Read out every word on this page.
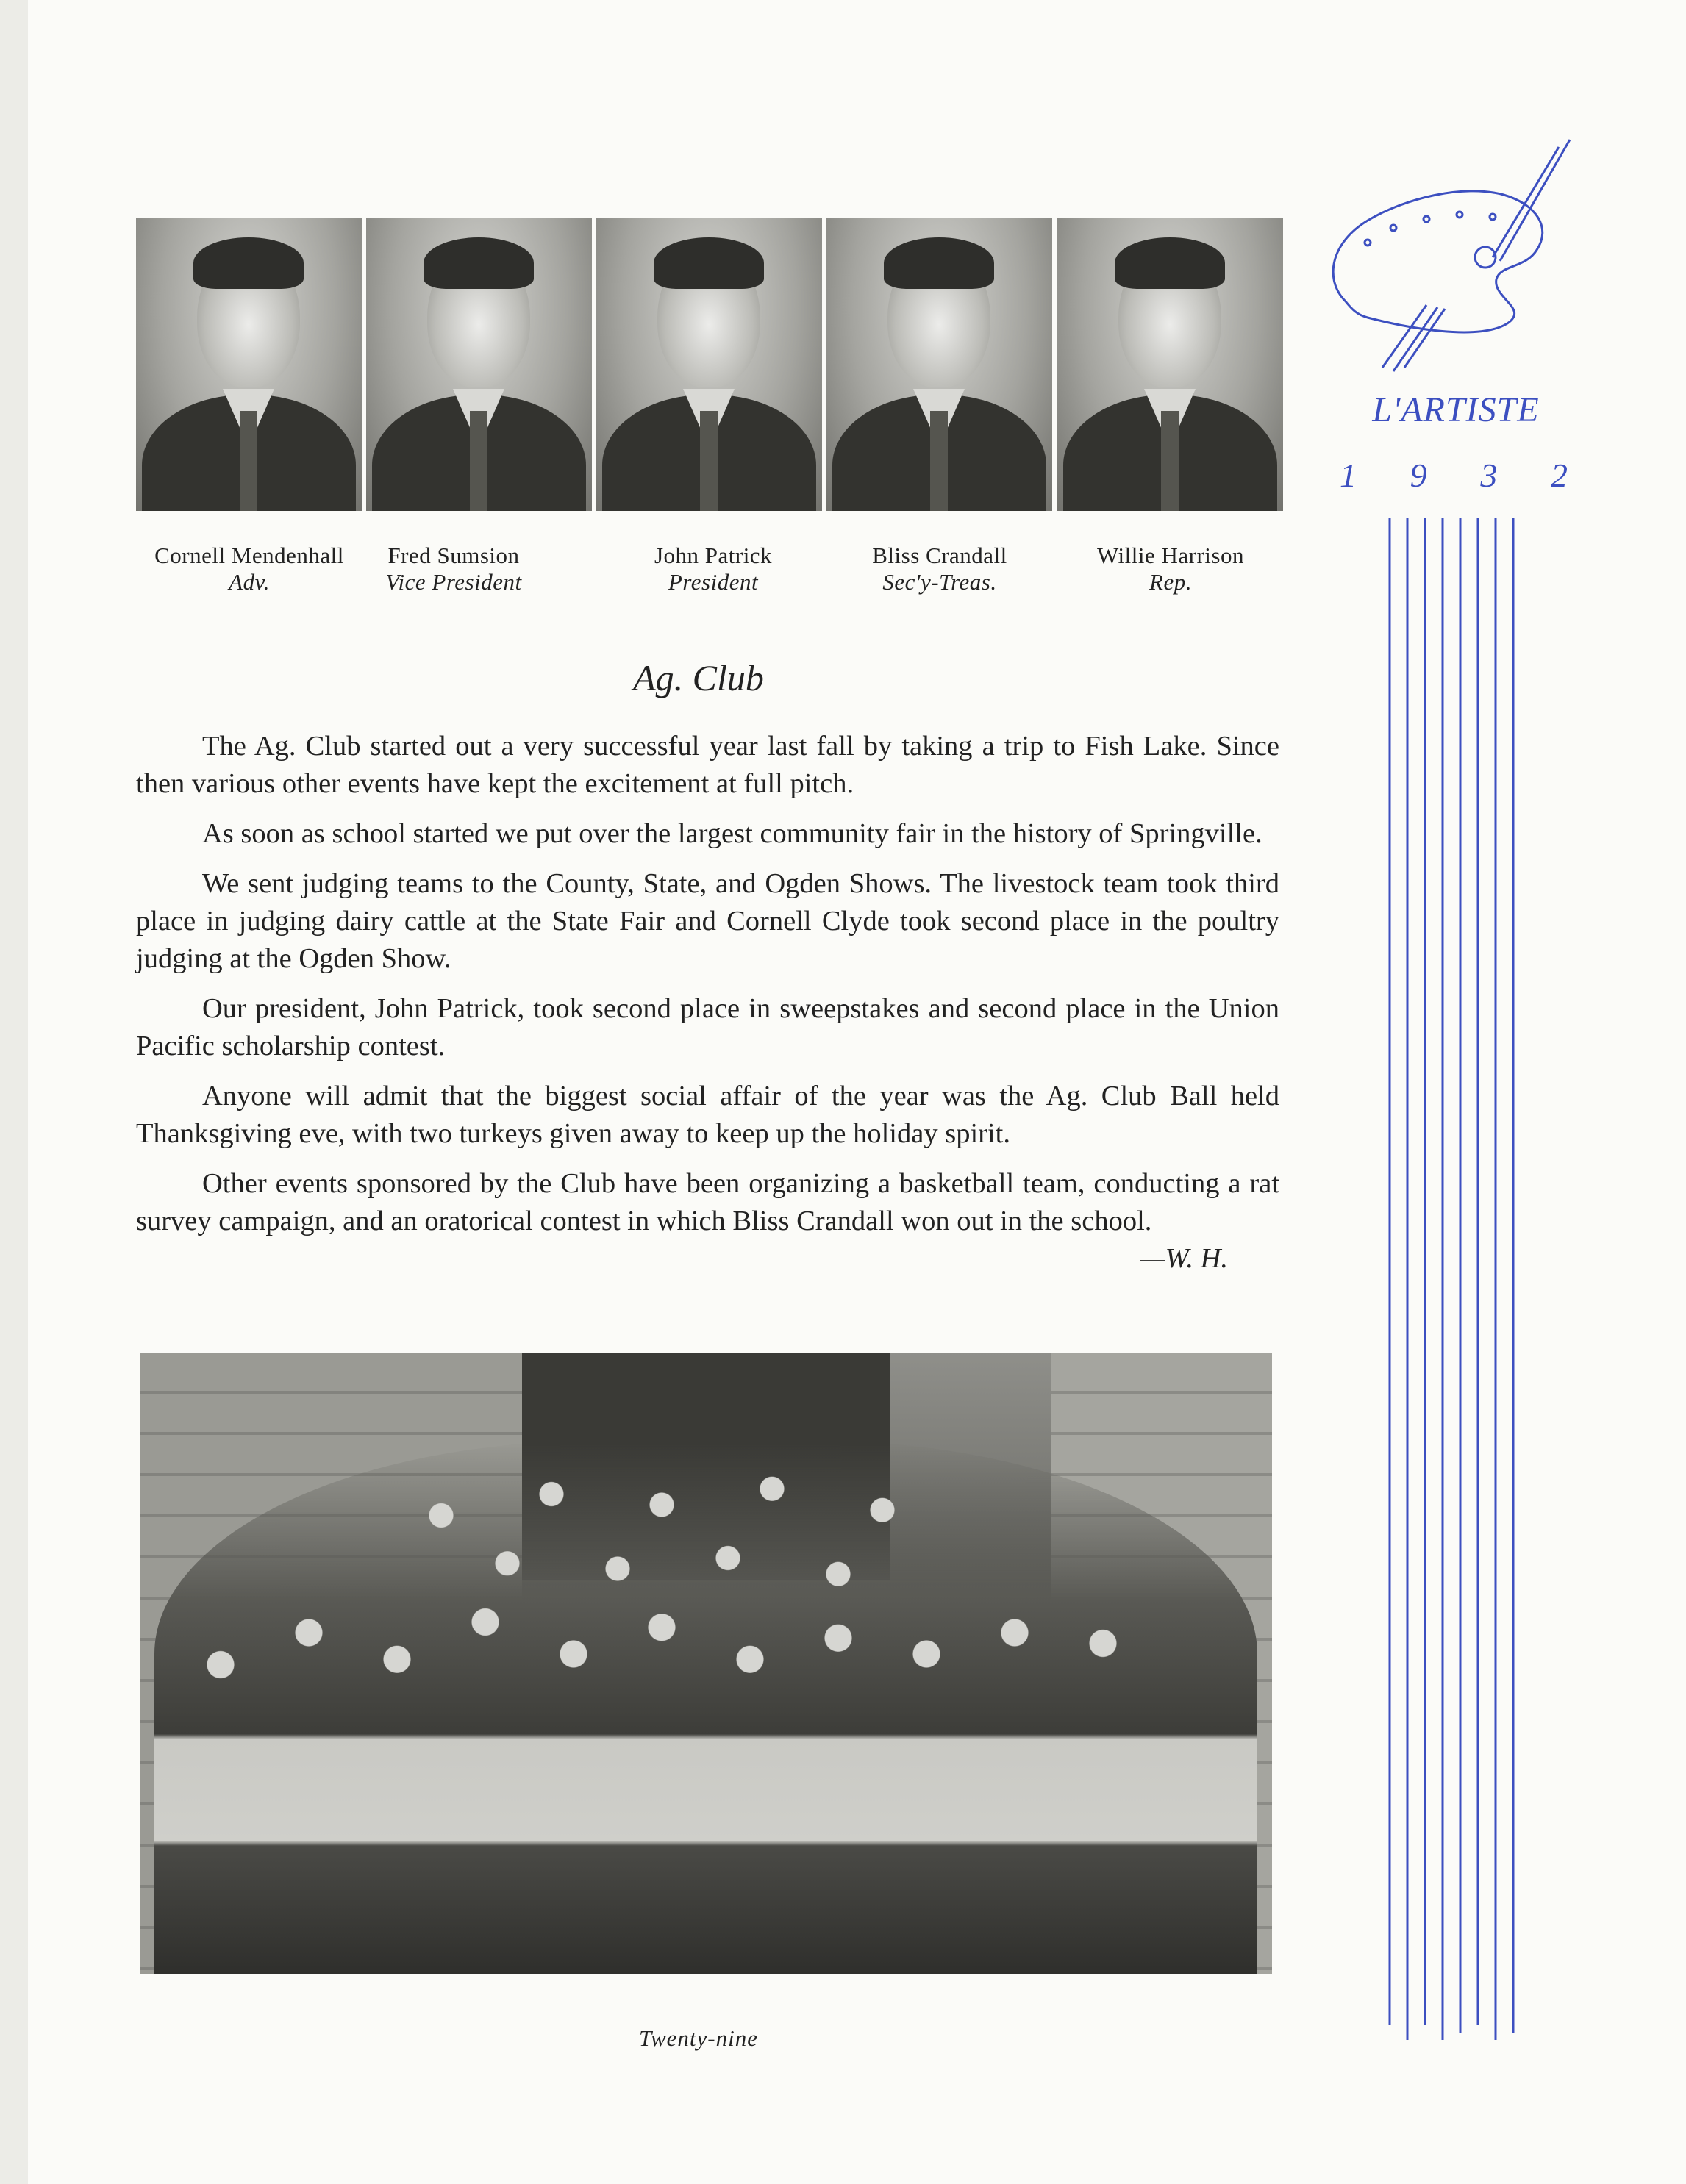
Cornell Mendenhall
Adv.
Fred Sumsion
Vice President
John Patrick
President
Bliss Crandall
Sec'y-Treas.
Willie Harrison
Rep.
Ag. Club

The Ag. Club started out a very successful year last fall by taking a trip to Fish Lake. Since then various other events have kept the excitement at full pitch.

As soon as school started we put over the largest community fair in the history of Springville.

We sent judging teams to the County, State, and Ogden Shows. The livestock team took third place in judging dairy cattle at the State Fair and Cornell Clyde took second place in the poultry judging at the Ogden Show.

Our president, John Patrick, took second place in sweepstakes and second place in the Union Pacific scholarship contest.

Anyone will admit that the biggest social affair of the year was the Ag. Club Ball held Thanksgiving eve, with two turkeys given away to keep up the holiday spirit.

Other events sponsored by the Club have been organizing a basketball team, conducting a rat survey campaign, and an oratorical contest in which Bliss Crandall won out in the school.
—W. H.

Twenty-nine
L'ARTISTE
1 9 3 2
